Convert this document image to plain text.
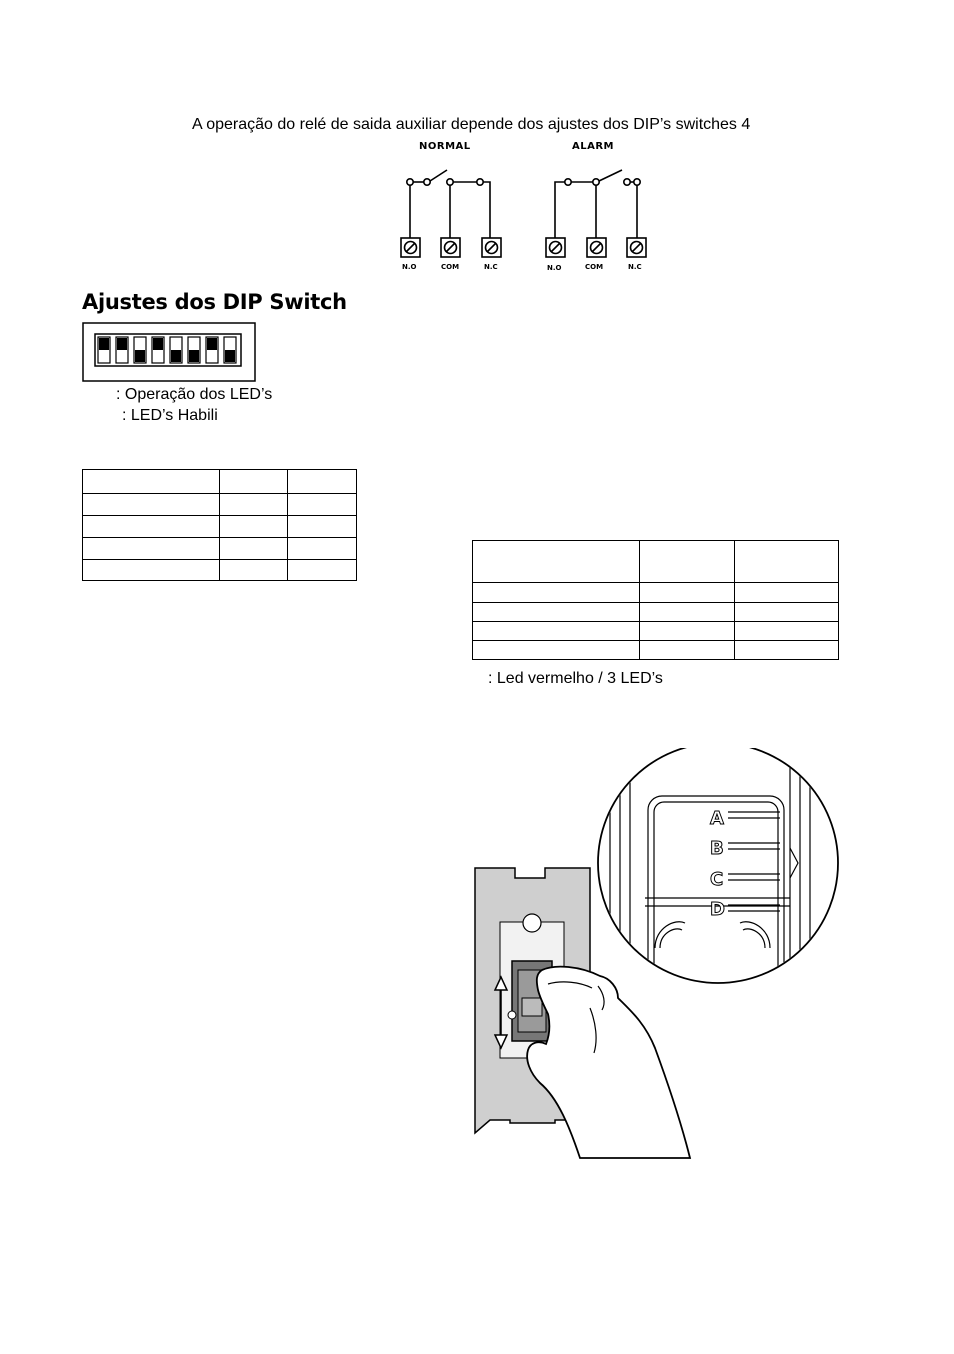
A operação do relé de saida auxiliar depende dos ajustes dos DIP’s switches 4
NORMAL	ALARM
N.O	COM	N.C	N.O	COM	N.C
Ajustes dos DIP Switch
: Operação dos LED’s
: LED’s Habili

: Led vermelho / 3 LED’s
A
B
C
D
